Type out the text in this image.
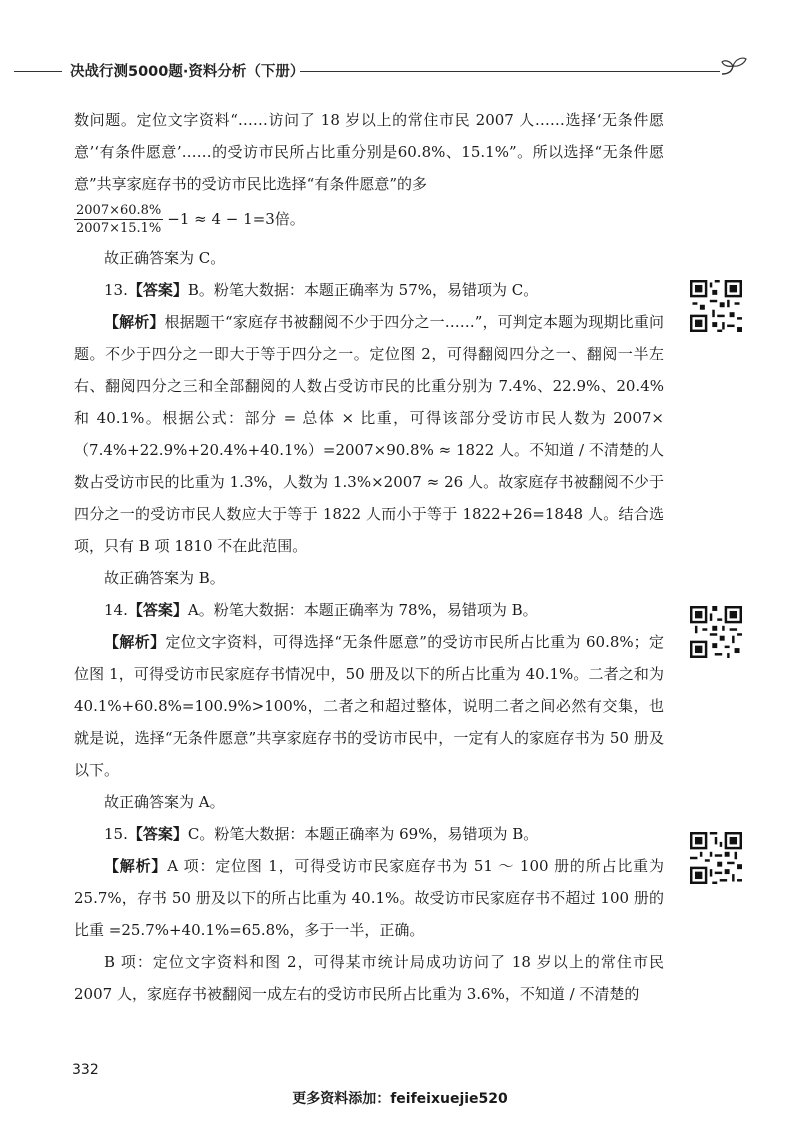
决战行测5000题·资料分析（下册）

数问题。定位文字资料“……访问了 18 岁以上的常住市民 2007 人……选择‘无条件愿意’‘有条件愿意’……的受访市民所占比重分别是60.8%、15.1%”。所以选择“无条件愿意”共享家庭存书的受访市民比选择“有条件愿意”的多

$\frac{2007\times 60.8\%}{2007\times 15.1\%} -1 \approx 4 - 1=3$倍。

故正确答案为 C。

13.【答案】B。粉笔大数据：本题正确率为 57%，易错项为 C。

【解析】根据题干“家庭存书被翻阅不少于四分之一……”，可判定本题为现期比重问题。不少于四分之一即大于等于四分之一。定位图 2，可得翻阅四分之一、翻阅一半左右、翻阅四分之三和全部翻阅的人数占受访市民的比重分别为 7.4%、22.9%、20.4% 和 40.1%。根据公式：部分 = 总体 × 比重，可得该部分受访市民人数为 2007×（7.4%+22.9%+20.4%+40.1%）=2007×90.8% ≈ 1822 人。不知道 / 不清楚的人数占受访市民的比重为 1.3%，人数为 1.3%×2007 ≈ 26 人。故家庭存书被翻阅不少于四分之一的受访市民人数应大于等于 1822 人而小于等于 1822+26=1848 人。结合选项，只有 B 项 1810 不在此范围。

故正确答案为 B。

14.【答案】A。粉笔大数据：本题正确率为 78%，易错项为 B。

【解析】定位文字资料，可得选择“无条件愿意”的受访市民所占比重为 60.8%；定位图 1，可得受访市民家庭存书情况中，50 册及以下的所占比重为 40.1%。二者之和为 40.1%+60.8%=100.9%>100%，二者之和超过整体，说明二者之间必然有交集，也就是说，选择“无条件愿意”共享家庭存书的受访市民中，一定有人的家庭存书为 50 册及以下。

故正确答案为 A。

15.【答案】C。粉笔大数据：本题正确率为 69%，易错项为 B。

【解析】A 项：定位图 1，可得受访市民家庭存书为 51 ～ 100 册的所占比重为 25.7%，存书 50 册及以下的所占比重为 40.1%。故受访市民家庭存书不超过 100 册的比重 =25.7%+40.1%=65.8%，多于一半，正确。

B 项：定位文字资料和图 2，可得某市统计局成功访问了 18 岁以上的常住市民 2007 人，家庭存书被翻阅一成左右的受访市民所占比重为 3.6%，不知道 / 不清楚的

332
更多资料添加：feifeixuejie520
